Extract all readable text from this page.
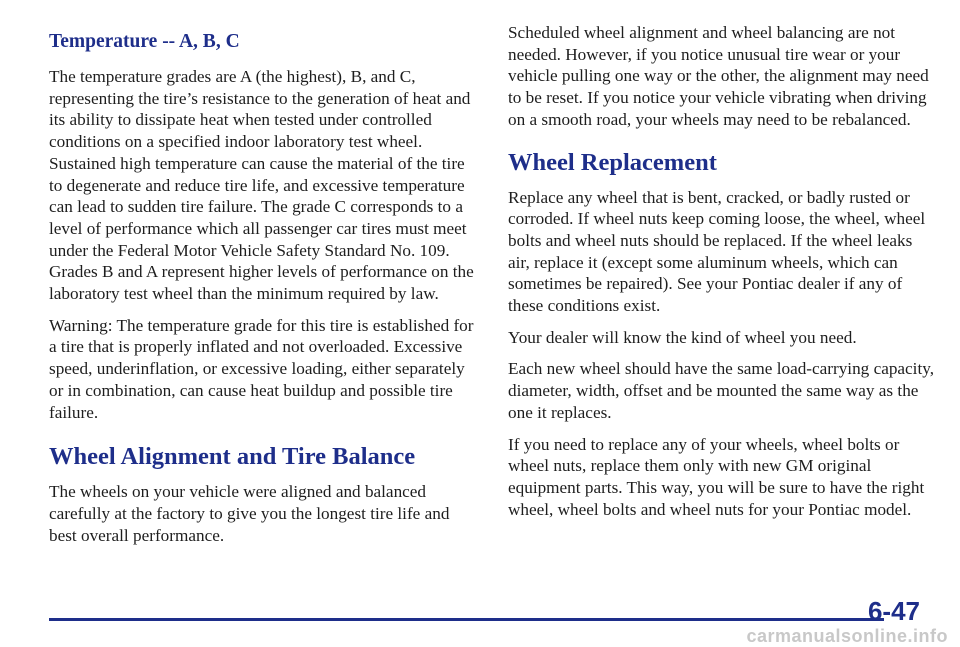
Temperature -- A, B, C

The temperature grades are A (the highest), B, and C, representing the tire’s resistance to the generation of heat and its ability to dissipate heat when tested under controlled conditions on a specified indoor laboratory test wheel. Sustained high temperature can cause the material of the tire to degenerate and reduce tire life, and excessive temperature can lead to sudden tire failure. The grade C corresponds to a level of performance which all passenger car tires must meet under the Federal Motor Vehicle Safety Standard No. 109. Grades B and A represent higher levels of performance on the laboratory test wheel than the minimum required by law.

Warning: The temperature grade for this tire is established for a tire that is properly inflated and not overloaded. Excessive speed, underinflation, or excessive loading, either separately or in combination, can cause heat buildup and possible tire failure.

Wheel Alignment and Tire Balance

The wheels on your vehicle were aligned and balanced carefully at the factory to give you the longest tire life and best overall performance.

Scheduled wheel alignment and wheel balancing are not needed. However, if you notice unusual tire wear or your vehicle pulling one way or the other, the alignment may need to be reset. If you notice your vehicle vibrating when driving on a smooth road, your wheels may need to be rebalanced.

Wheel Replacement

Replace any wheel that is bent, cracked, or badly rusted or corroded. If wheel nuts keep coming loose, the wheel, wheel bolts and wheel nuts should be replaced. If the wheel leaks air, replace it (except some aluminum wheels, which can sometimes be repaired). See your Pontiac dealer if any of these conditions exist.

Your dealer will know the kind of wheel you need.

Each new wheel should have the same load-carrying capacity, diameter, width, offset and be mounted the same way as the one it replaces.

If you need to replace any of your wheels, wheel bolts or wheel nuts, replace them only with new GM original equipment parts. This way, you will be sure to have the right wheel, wheel bolts and wheel nuts for your Pontiac model.

6-47
carmanualsonline.info
